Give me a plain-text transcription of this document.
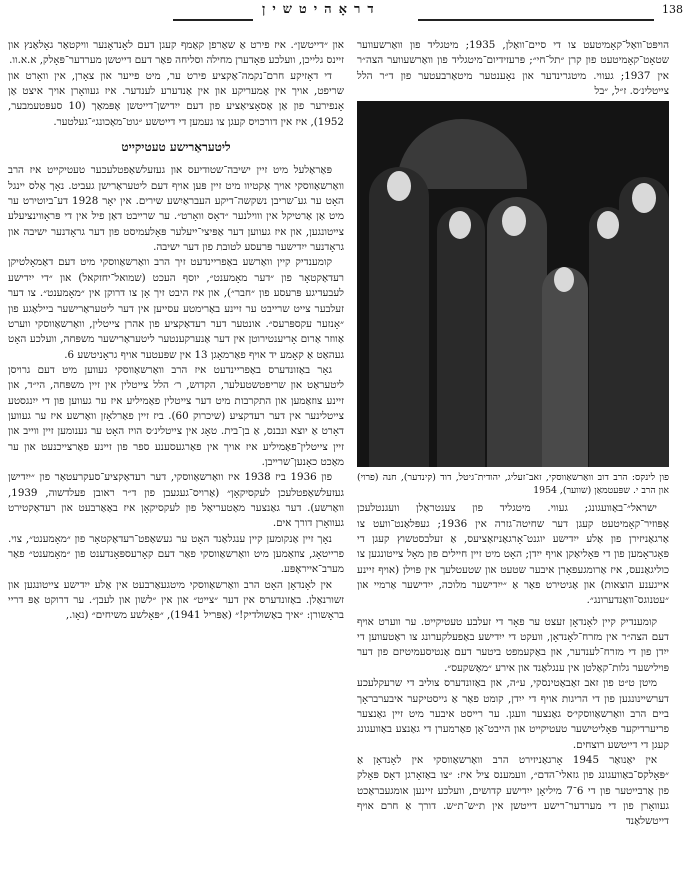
138
דראָהיטשין

הויפּט־וואַל־קאָמיטעט צו די סיים־וואַלן, 1935; מיטגליד פון וואַרשעווער שטאָט־קאָמיטעט פון קרן ״תל־חי״; פּרעזידיום־מיטגליד פון וואַרשעווער הצה״ר אין 1937; געווי. מיטגרינדער און נאָענטער מיטאַרבעטער פון ד״ר הלל צייטלינ׳ס. ז״ל, ״בל

פון לינקס: הרב דוב וואַרשאַווסקי, זאב־זעליג, יהודית־גיטל, דוד (קינדער), חנה (פרוי) און הרב י. שפּעטמאַן (שווער), 1954

ישראל״־באַוועגונג; געווי. מיטגליד פון צענטראַלן וועגנטלעכן אָפּוזיר־קאָמיטעט קעגן דער שחיטה־גזרה אין 1936; געפּלאַנט־וועט צו אַרגאַניזירן פון אַלע ייִדישע יוגנט־אָרגאַניזאַציעס, אַ זעלבסטשוץ קעגן די פּאָגראָמען פון די פּאָליאַקן אויף ייִדן; האָט מיט זיין חיילים פון מאָל צייטונגען צו כוליגאַנעס, איז אַרומגעפאָרן איבער שטעט און שטעטלעך אין פּוילן (אויף זיינע אייגענע הוצאות) און אַגיטירט פאַר אַ ״ייִדישער מלוכה, ייִדישער אַרמיי און ״עטנוגס־וואַנדערונג״.

קומענדיק קיין לאָנדאָן זעצט ער פאָר די זעלבע טעטיקייט. ער ווערט אויף דעם הצה״ר אין מזרח־לאָנדאָן, וועקט די ייִדישע באַפעלקערונג צו ראַטעווען די ייִדן פון די מזרח־לענדער, און באַקעמפט ביטער דעם אַנטיסעמיטיזם פון דער פּוילישער גלות־קאַלטן אין ענגלאַנד און אירע ״מאַשקעס״.

מיטן ט״ט פון זאב זאַבאַטינסקי, ע״ה, און באַזונדערס צוליב די שרעקלעכע דערשיינונגען פון די הריגות אויף די ייִדן, קומט פאַר אַ גייסטיקער איבערבראָך ביים הרב וואַרשאַווסקי׳ס גאַנצער וועגן. ער רייסט איבער מיט זיין גאַנצער פריערדיקער פּאָליטישער טעטיקייט און הייבט־אָן פאַרמערן די גאַנצע באַוועגונג קעגן די דייטשע רוצחים.

אין יאַנואַר 1945 אָרגאַניזירט הרב וואַרשאַווסקי אין לאָנדאָן אַ ״פּאָלקס־באַוועגונג פון גזאלי־הדם״, וועמענס ציל איז: ״צו באַזאָרגן דאָס פּאָלק פון אַרבייטער פון די 6־7 מיליאָן ייִדישע קדושים, וועלכע זיינען אומגעבראַכט געוואָרן פון די מערדער־רישע דייטשן אין ת״ש־ת״ש. דורך אַ חרם אויף דייטשלאַנד

און ״דייטשן״. איז פירט אַ שאַרפן קאַמף קעגן דעם לאָנדאָנער וויקטאַר גאָלאַנץ און זיינס גלייכן, וועלכע פאָדערן מחילה וסליחה פאַר דעם דייטשן מערדער־פּאָלק, א.א.וו.

די דאָזיקע חרם־נקמה־אַקציע פירט ער, מיט פייער און צאָרן, אין וואָרט און שריפט, אויך אין אַמעריקע און אין אַנדערע לענדער. איז געוואָרן אויך איצט אַן אָנפירער פון אַן אַסאָציאַציע פון דעם ייִדישן־דייטשן אָפּמאַך (10 סעפּטעמבער, 1952), איז אין דורכויס קעגן צו געמען די דייטשע ״גוט־מאַכונג״־געלטער.

ליטעראַרישע טעטיקייט

פּאַראַלעל מיט זיין ישיבה־שטודיעס און געזעלשאַפטלעכער טעטיקייט איז הרב וואַרשאַווסקי אויך אַקטיוו מיט זיין פּען אויף דעם ליטעראַרישן געביט. נאָך אַלס יינגל האָט ער גע־שריבן נשקשה־דיקע העבראַיִשע שירים. אין יאָר 1928 דע־ביוטירט ער מיט אַן אַרטיקל אין וווילנער ״דאָס וואָרט״. ער שרייבט דאַן פיל אין די פּראָווינציעלע צייטונגען, און איז געווען דער אַפּיצי־ייעלער פּאָלעמיסט פון דער גראָדנער ישיבה און גראָדנער ייִדישער פּרעסע לטובת פון דער ישיבה.

קומענדיק קיין וואַרשע באַפריינדעט זיך הרב וואַרשאַווסקי מיט דעם דאַמאָלטיקן רעדאַקטאָר פון ״דער מאָמענט״, יוסף העכט (שמואל־יחזקאל) און ״די ייִדישע לעבעדיגע פּרעסע פון ״חבר״), און איז היבט זיך אָן צו דרוקן אין ״מאָמענט״. צו דער זעלבער צייט שרייבט ער זיינע באַרימטע עסייען אין דער ליטעראַרישער ביילאַגע פון ״אָנזער עקספּרעס״. אונטער דער רעדאַקציע פון אהרן צייטלין, וואַרשאַווסקי ווערט אַווזר אַרום אָריענטירוטן אין דער אַנערקענטער ליטעראַרישער משפּחה, וועלכע האָט געהאַט אַ קאָמע יד אויף פאַרמאָגן 13 אין שפּעטער אויף גראָניטשע 6.

גאָר באַזונדערס באַפריינדעט איז הרב וואַרשאַווסקי געווען מיט דעם גרויסן ליטעראַט און שריפטשטעלער, הקדוש, ר׳ הלל צייטלין אין זיין משפּחה, הי״ד, און זיינע צוזאַמען און התקרבות מיט דער צייטלין פאַמיליע איז ער געווען פון די ייִנגסטע צייטלינער אין דער רעדקציע (שיכרוק 60). ביז זיין פאַרלאָזן וואַרשע איז ער געווען דאָרט אַ יוצא ונבנס, אַ בן־בית. טאָג אין צייטלינ׳ס הויז האָט ער גענומען זיין ווייב און זיין צייטלין־פאַמיליע איז אויך אין פאַרגעסענע ספר פון זיינע פאַרצייכנעט און ער מאַכט כאָנען־שרייבן.

פון 1936 ביז 1938 איז וואַרשאַווסקי, דער רעדאַקציע־סעקרעטאַר פון ״ייִדישן געזעלשאַפטלעכן לעקסיקאָן״ (אַרויס־געגעבן פון ד״ר ראובן פעלדשוה, 1939, וואַרשע). דער גאַנצער מאַטעריאַל פון לעקסיקאָן איז באַאַרבעט און רעדאַקטירט געוואָרן דורך אים.

נאָך זיין אַנקומען קיין ענגלאַנד האָט ער געשאַפט־רעדאַקטאָר פון ״מאָמענט״, צוי. פרייטאָג, צוזאַמען מיט וואַרשאַווסקי פאַר דעם קאָרעספּאָנדענט פון ״מאָמענט״ פאַר מערב־אייראָפּע.

אין לאָנדאָן האָט הרב וואַרשאַווסקי מיטגעאַרבעט אין אַלע ייִדישע צייטונגען און זשורנאַלן. באַזונדערס אין דער ״צייט״ און אין ״לשון און לעבן״. ער דרוקט אַפּ דריי בראָשורן: ״איך באַשולדיק!״ (אַפּריל 1941), ״פּאָלשע משיחים״ (נאָו.,
